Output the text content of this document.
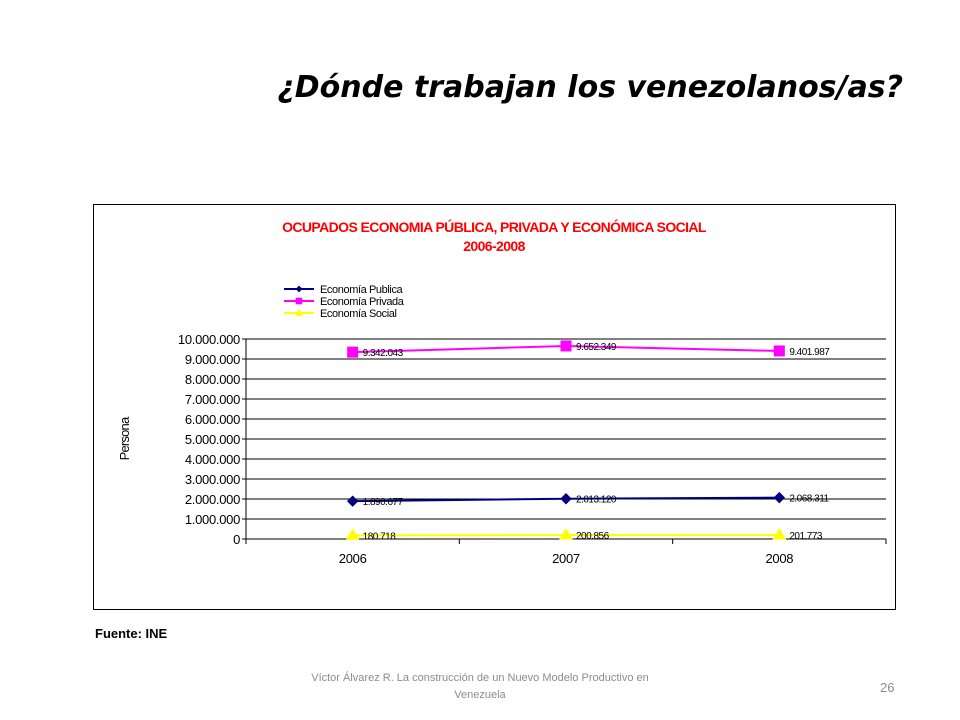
¿Dónde trabajan los venezolanos/as?
OCUPADOS ECONOMIA PÚBLICA, PRIVADA Y ECONÓMICA SOCIAL
2006-2008
Economía Publica
Economía Privada
Economía Social
0
1.000.000
2.000.000
3.000.000
4.000.000
5.000.000
6.000.000
7.000.000
8.000.000
9.000.000
10.000.000
2006	2007	2008
Persona
1.890.677	2.013.120	2.068.311
9.342.043
9.652.349	9.401.987
180.718	200.856	201.773
Fuente: INE
Víctor Álvarez R. La construcción de un Nuevo Modelo Productivo en Venezuela	26
